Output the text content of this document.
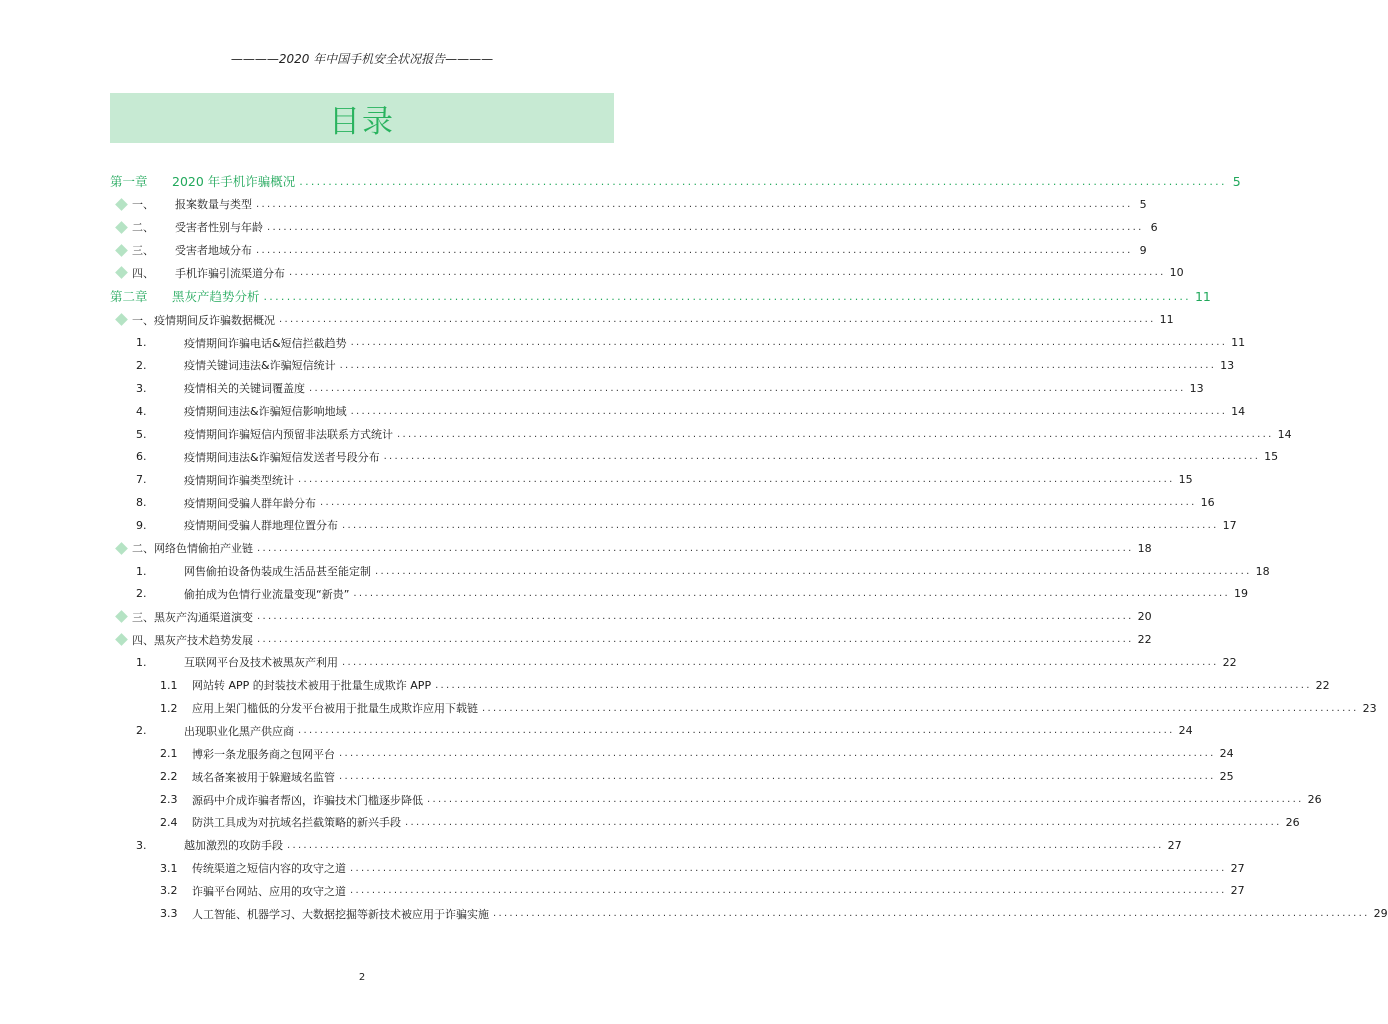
————2020 年中国手机安全状况报告————
目录
第一章	2020 年手机诈骗概况 ................................................................................................................................................................ 5
一、	报案数量与类型 ................................................................................................................................................................ 5
二、	受害者性别与年龄 ................................................................................................................................................................ 6
三、	受害者地域分布 ................................................................................................................................................................ 9
四、	手机诈骗引流渠道分布 ................................................................................................................................................................ 10
第二章	黑灰产趋势分析 ................................................................................................................................................................ 11
一、 疫情期间反诈骗数据概况 ................................................................................................................................................................ 11
1.	疫情期间诈骗电话&短信拦截趋势 ................................................................................................................................................................ 11
2.	疫情关键词违法&诈骗短信统计 ................................................................................................................................................................ 13
3.	疫情相关的关键词覆盖度 ................................................................................................................................................................ 13
4.	疫情期间违法&诈骗短信影响地域 ................................................................................................................................................................ 14
5.	疫情期间诈骗短信内预留非法联系方式统计 ................................................................................................................................................................ 14
6.	疫情期间违法&诈骗短信发送者号段分布 ................................................................................................................................................................ 15
7.	疫情期间诈骗类型统计 ................................................................................................................................................................ 15
8.	疫情期间受骗人群年龄分布 ................................................................................................................................................................ 16
9.	疫情期间受骗人群地理位置分布 ................................................................................................................................................................ 17
二、 网络色情偷拍产业链 ................................................................................................................................................................ 18
1.	网售偷拍设备伪装成生活品甚至能定制 ................................................................................................................................................................ 18
2.	偷拍成为色情行业流量变现“新贵” ................................................................................................................................................................ 19
三、 黑灰产沟通渠道演变 ................................................................................................................................................................ 20
四、 黑灰产技术趋势发展 ................................................................................................................................................................ 22
1.	互联网平台及技术被黑灰产利用 ................................................................................................................................................................ 22
1.1	网站转 APP 的封装技术被用于批量生成欺诈 APP ................................................................................................................................................................ 22
1.2	应用上架门槛低的分发平台被用于批量生成欺诈应用下载链 ................................................................................................................................................................ 23
2.	出现职业化黑产供应商 ................................................................................................................................................................ 24
2.1	博彩一条龙服务商之包网平台 ................................................................................................................................................................ 24
2.2	域名备案被用于躲避域名监管 ................................................................................................................................................................ 25
2.3	源码中介成诈骗者帮凶，诈骗技术门槛逐步降低 ................................................................................................................................................................ 26
2.4	防洪工具成为对抗域名拦截策略的新兴手段 ................................................................................................................................................................ 26
3.	越加激烈的攻防手段 ................................................................................................................................................................ 27
3.1	传统渠道之短信内容的攻守之道 ................................................................................................................................................................ 27
3.2	诈骗平台网站、应用的攻守之道 ................................................................................................................................................................ 27
3.3	人工智能、机器学习、大数据挖掘等新技术被应用于诈骗实施 ................................................................................................................................................................ 29
2
